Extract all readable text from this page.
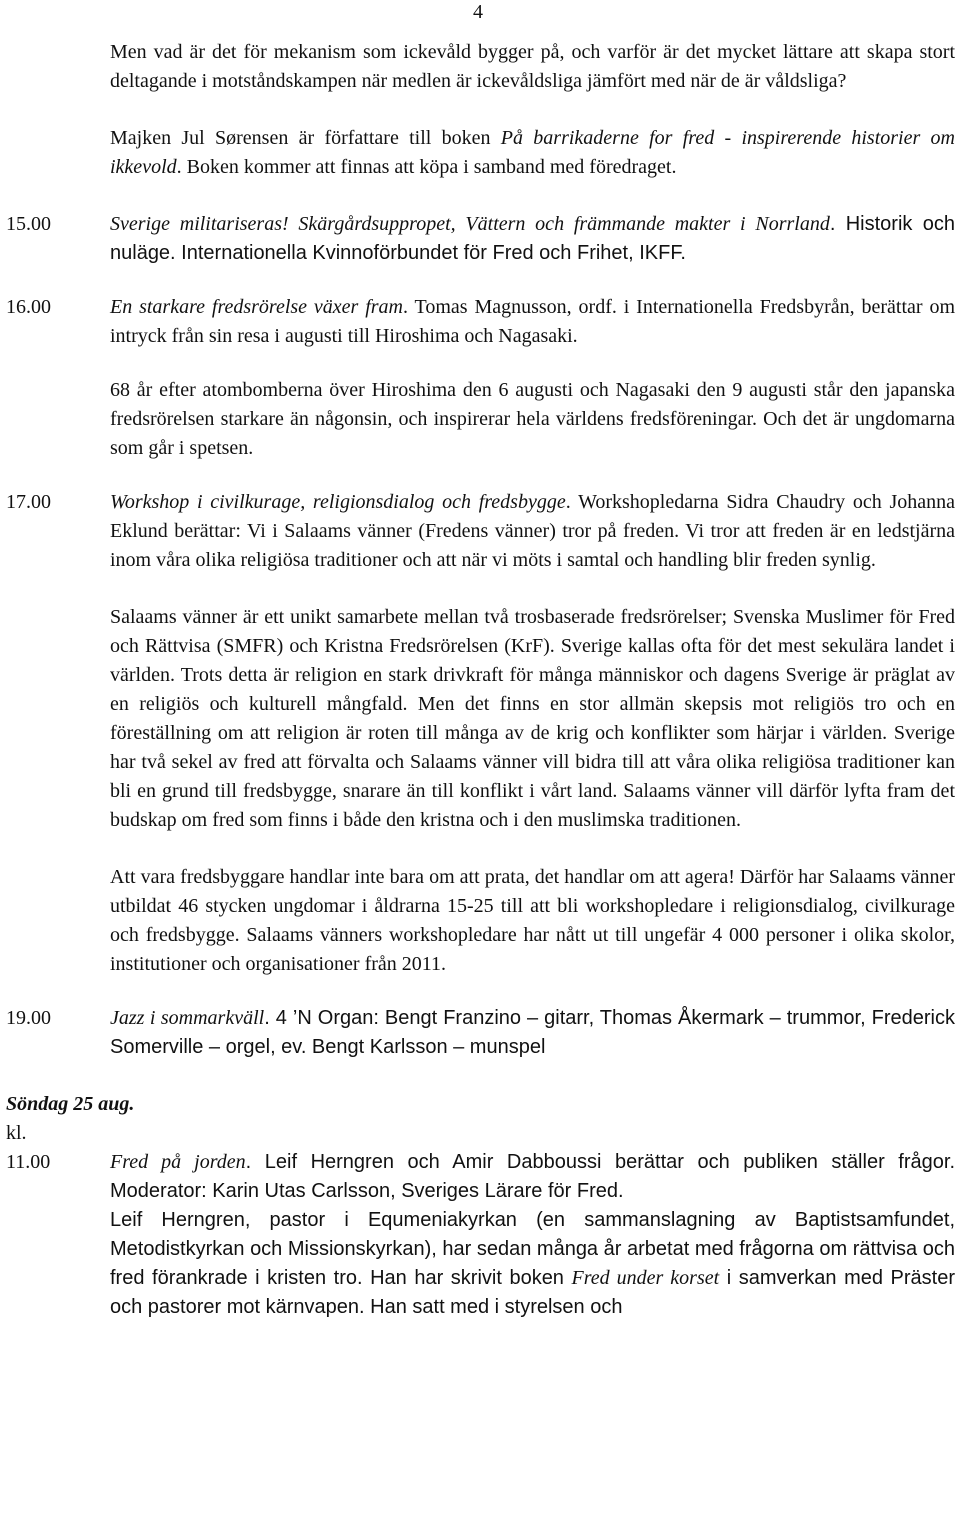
4

Men vad är det för mekanism som ickevåld bygger på, och varför är det mycket lättare att skapa stort deltagande i motståndskampen när medlen är ickevåldsliga jämfört med när de är våldsliga?

Majken Jul Sørensen är författare till boken På barrikaderne for fred - inspirerende historier om ikkevold. Boken kommer att finnas att köpa i samband med föredraget.

15.00	Sverige militariseras! Skärgårdsuppropet, Vättern och främmande makter i Norrland. Historik och nuläge. Internationella Kvinnoförbundet för Fred och Frihet, IKFF.
16.00	En starkare fredsrörelse växer fram. Tomas Magnusson, ordf. i Internationella Fredsbyrån, berättar om intryck från sin resa i augusti till Hiroshima och Nagasaki.

68 år efter atombomberna över Hiroshima den 6 augusti och Nagasaki den 9 augusti står den japanska fredsrörelsen starkare än någonsin, och inspirerar hela världens fredsföreningar. Och det är ungdomarna som går i spetsen.

17.00	Workshop i civilkurage, religionsdialog och fredsbygge. Workshopledarna Sidra Chaudry och Johanna Eklund berättar: Vi i Salaams vänner (Fredens vänner) tror på freden. Vi tror att freden är en ledstjärna inom våra olika religiösa traditioner och att när vi möts i samtal och handling blir freden synlig.

Salaams vänner är ett unikt samarbete mellan två trosbaserade fredsrörelser; Svenska Muslimer för Fred och Rättvisa (SMFR) och Kristna Fredsrörelsen (KrF). Sverige kallas ofta för det mest sekulära landet i världen. Trots detta är religion en stark drivkraft för många människor och dagens Sverige är präglat av en religiös och kulturell mångfald. Men det finns en stor allmän skepsis mot religiös tro och en föreställning om att religion är roten till många av de krig och konflikter som härjar i världen. Sverige har två sekel av fred att förvalta och Salaams vänner vill bidra till att våra olika religiösa traditioner kan bli en grund till fredsbygge, snarare än till konflikt i vårt land. Salaams vänner vill därför lyfta fram det budskap om fred som finns i både den kristna och i den muslimska traditionen.

Att vara fredsbyggare handlar inte bara om att prata, det handlar om att agera! Därför har Salaams vänner utbildat 46 stycken ungdomar i åldrarna 15-25 till att bli workshopledare i religionsdialog, civilkurage och fredsbygge. Salaams vänners workshopledare har nått ut till ungefär 4 000 personer i olika skolor, institutioner och organisationer från 2011.

19.00	Jazz i sommarkväll. 4 ’N Organ: Bengt Franzino – gitarr, Thomas Åkermark – trummor, Frederick Somerville – orgel, ev. Bengt Karlsson – munspel

Söndag 25 aug.

kl.

11.00	Fred på jorden. Leif Herngren och Amir Dabboussi berättar och publiken ställer frågor. Moderator: Karin Utas Carlsson, Sveriges Lärare för Fred.

Leif Herngren, pastor i Equmeniakyrkan (en sammanslagning av Baptistsamfundet, Metodistkyrkan och Missionskyrkan), har sedan många år arbetat med frågorna om rättvisa och fred förankrade i kristen tro. Han har skrivit boken Fred under korset i samverkan med Präster och pastorer mot kärnvapen. Han satt med i styrelsen och
